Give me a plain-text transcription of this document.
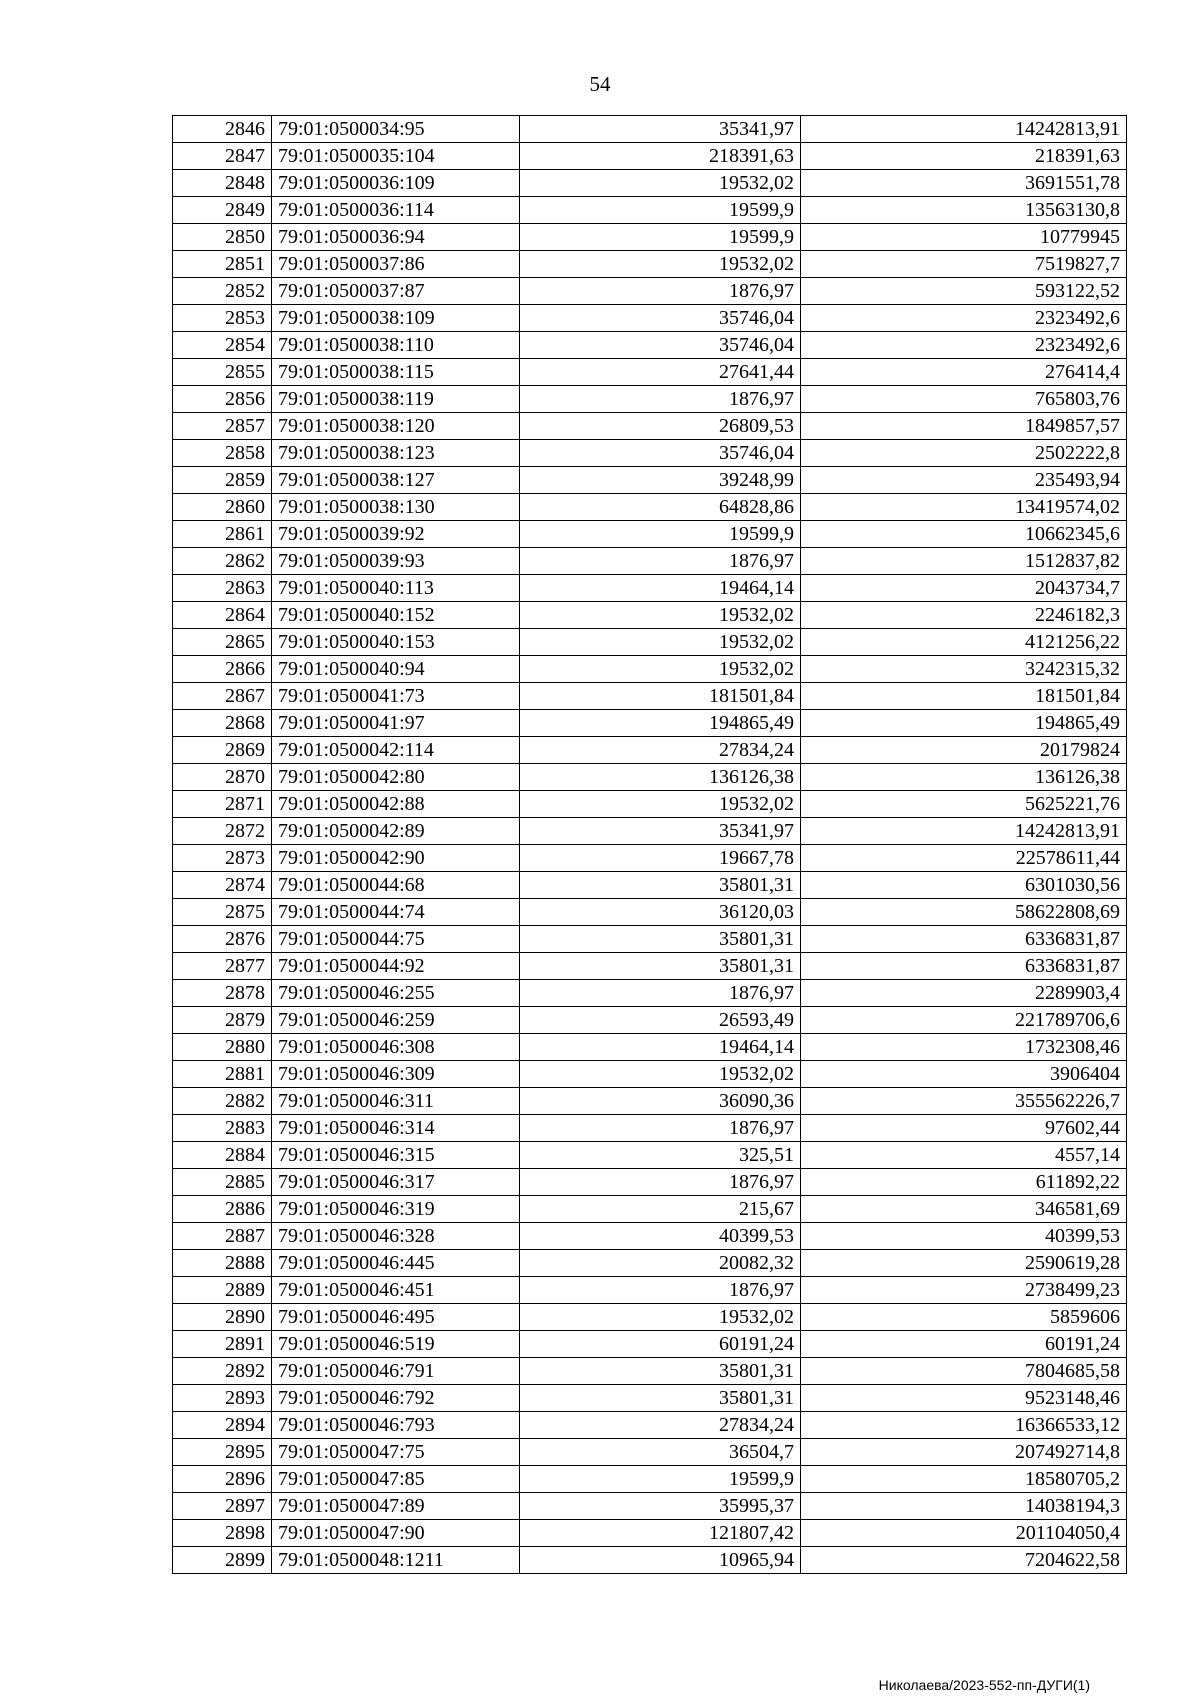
54
2846	79:01:0500034:95	35341,97	14242813,91
2847	79:01:0500035:104	218391,63	218391,63
2848	79:01:0500036:109	19532,02	3691551,78
2849	79:01:0500036:114	19599,9	13563130,8
2850	79:01:0500036:94	19599,9	10779945
2851	79:01:0500037:86	19532,02	7519827,7
2852	79:01:0500037:87	1876,97	593122,52
2853	79:01:0500038:109	35746,04	2323492,6
2854	79:01:0500038:110	35746,04	2323492,6
2855	79:01:0500038:115	27641,44	276414,4
2856	79:01:0500038:119	1876,97	765803,76
2857	79:01:0500038:120	26809,53	1849857,57
2858	79:01:0500038:123	35746,04	2502222,8
2859	79:01:0500038:127	39248,99	235493,94
2860	79:01:0500038:130	64828,86	13419574,02
2861	79:01:0500039:92	19599,9	10662345,6
2862	79:01:0500039:93	1876,97	1512837,82
2863	79:01:0500040:113	19464,14	2043734,7
2864	79:01:0500040:152	19532,02	2246182,3
2865	79:01:0500040:153	19532,02	4121256,22
2866	79:01:0500040:94	19532,02	3242315,32
2867	79:01:0500041:73	181501,84	181501,84
2868	79:01:0500041:97	194865,49	194865,49
2869	79:01:0500042:114	27834,24	20179824
2870	79:01:0500042:80	136126,38	136126,38
2871	79:01:0500042:88	19532,02	5625221,76
2872	79:01:0500042:89	35341,97	14242813,91
2873	79:01:0500042:90	19667,78	22578611,44
2874	79:01:0500044:68	35801,31	6301030,56
2875	79:01:0500044:74	36120,03	58622808,69
2876	79:01:0500044:75	35801,31	6336831,87
2877	79:01:0500044:92	35801,31	6336831,87
2878	79:01:0500046:255	1876,97	2289903,4
2879	79:01:0500046:259	26593,49	221789706,6
2880	79:01:0500046:308	19464,14	1732308,46
2881	79:01:0500046:309	19532,02	3906404
2882	79:01:0500046:311	36090,36	355562226,7
2883	79:01:0500046:314	1876,97	97602,44
2884	79:01:0500046:315	325,51	4557,14
2885	79:01:0500046:317	1876,97	611892,22
2886	79:01:0500046:319	215,67	346581,69
2887	79:01:0500046:328	40399,53	40399,53
2888	79:01:0500046:445	20082,32	2590619,28
2889	79:01:0500046:451	1876,97	2738499,23
2890	79:01:0500046:495	19532,02	5859606
2891	79:01:0500046:519	60191,24	60191,24
2892	79:01:0500046:791	35801,31	7804685,58
2893	79:01:0500046:792	35801,31	9523148,46
2894	79:01:0500046:793	27834,24	16366533,12
2895	79:01:0500047:75	36504,7	207492714,8
2896	79:01:0500047:85	19599,9	18580705,2
2897	79:01:0500047:89	35995,37	14038194,3
2898	79:01:0500047:90	121807,42	201104050,4
2899	79:01:0500048:1211	10965,94	7204622,58
Николаева/2023-552-пп-ДУГИ(1)
